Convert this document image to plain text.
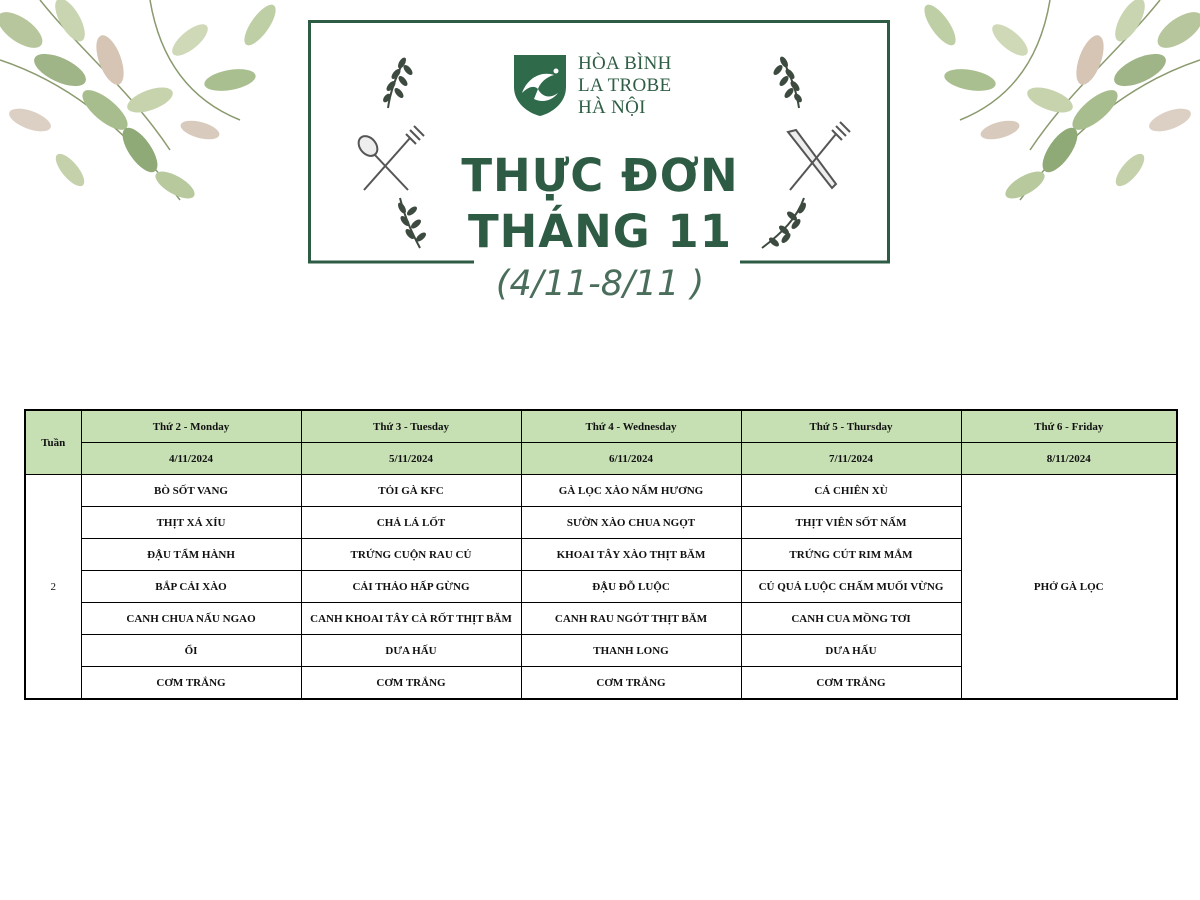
HÒA BÌNH
LA TROBE
HÀ NỘI
THỰC ĐƠN
THÁNG 11
(4/11-8/11 )
Tuần	Thứ 2 - Monday	Thứ 3 - Tuesday	Thứ 4 - Wednesday	Thứ 5 - Thursday	Thứ 6 - Friday
	4/11/2024	5/11/2024	6/11/2024	7/11/2024	8/11/2024
2	BÒ SỐT VANG	TỎI GÀ KFC	GÀ LỌC XÀO NẤM HƯƠNG	CÁ CHIÊN XÙ	PHỞ GÀ LỌC
	THỊT XÁ XÍU	CHẢ LÁ LỐT	SƯỜN XÀO CHUA NGỌT	THỊT VIÊN SỐT NẤM	
	ĐẬU TẨM HÀNH	TRỨNG CUỘN RAU CỦ	KHOAI TÂY XÀO THỊT BĂM	TRỨNG CÚT RIM MẮM	
	BẮP CẢI XÀO	CẢI THẢO HẤP GỪNG	ĐẬU ĐỖ LUỘC	CỦ QUẢ LUỘC CHẤM MUỐI VỪNG	
	CANH CHUA NẤU NGAO	CANH KHOAI TÂY CÀ RỐT THỊT BĂM	CANH RAU NGÓT THỊT BĂM	CANH CUA MỒNG TƠI	
	ỔI	DƯA HẤU	THANH LONG	DƯA HẤU	
	CƠM TRẮNG	CƠM TRẮNG	CƠM TRẮNG	CƠM TRẮNG	
